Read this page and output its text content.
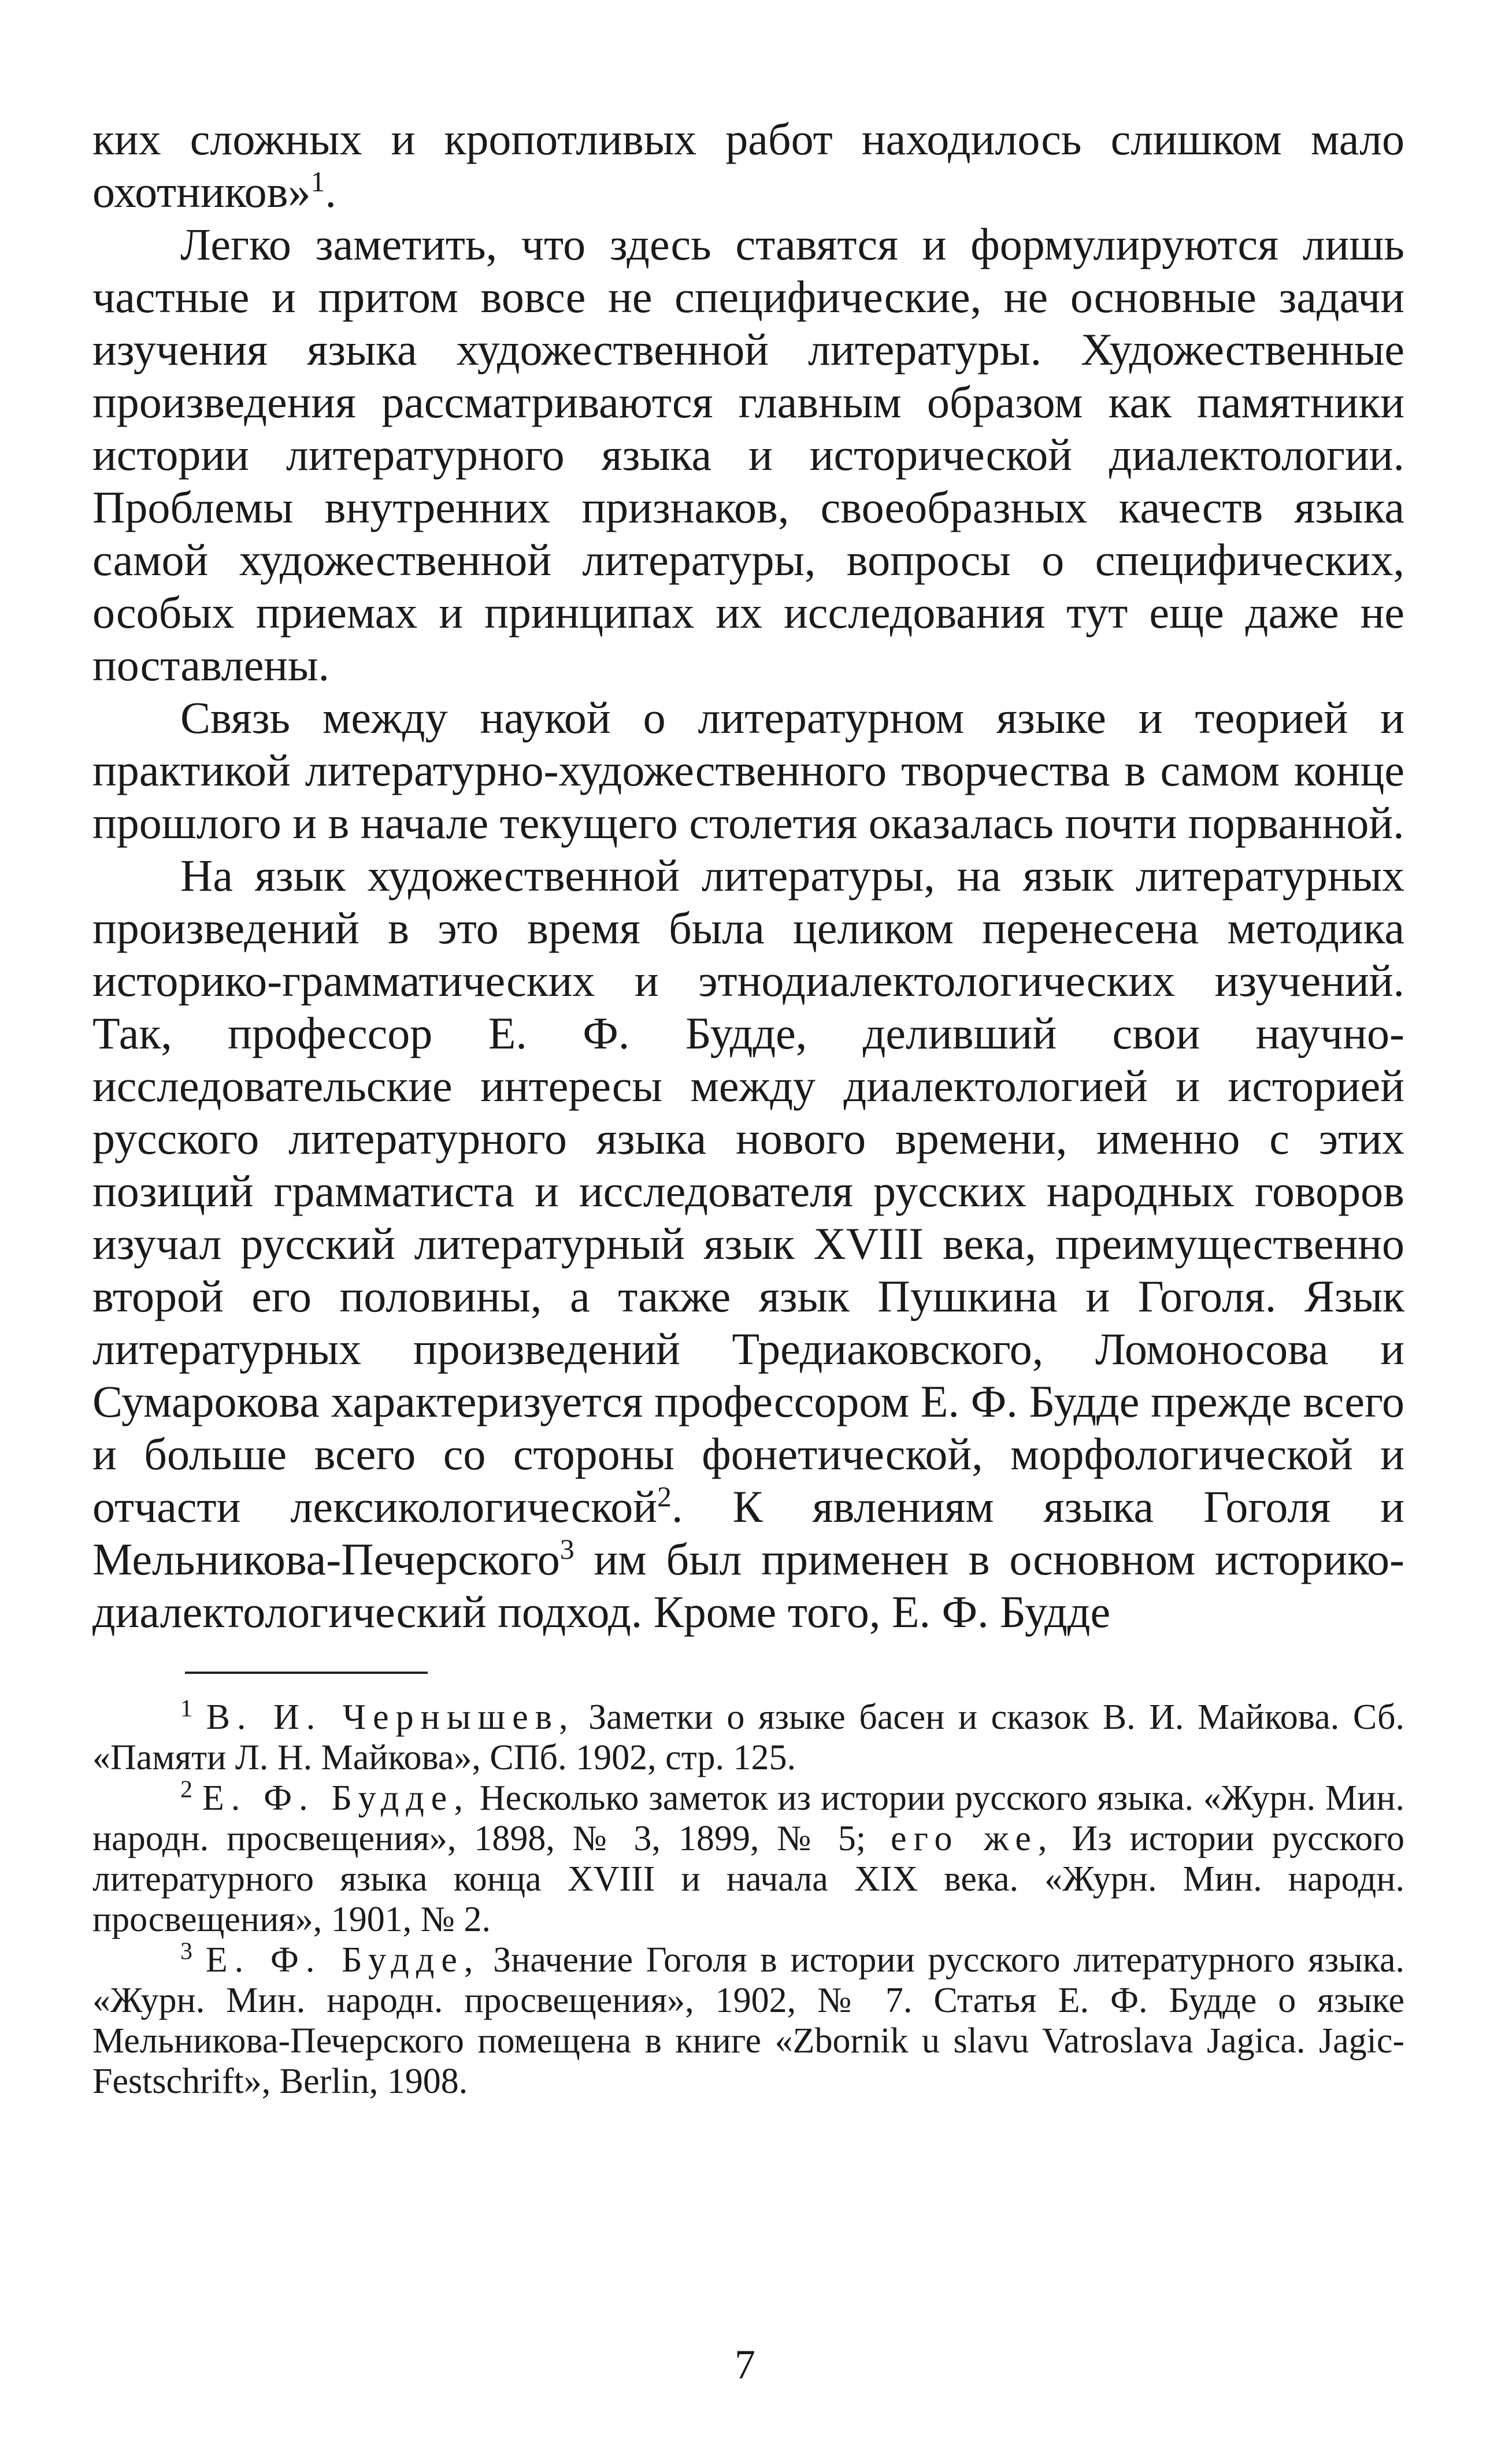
ких сложных и кропотливых работ находилось слишком мало охотников»$^1$.

Легко заметить, что здесь ставятся и формулируются лишь частные и притом вовсе не специфические, не основные задачи изучения языка художественной литературы. Художественные произведения рассматриваются главным образом как памятники истории литературного языка и исторической диалектологии. Проблемы внутренних признаков, своеобразных качеств языка самой художественной литературы, вопросы о специфических, особых приемах и принципах их исследования тут еще даже не поставлены.

Связь между наукой о литературном языке и теорией и практикой литературно-художественного творчества в самом конце прошлого и в начале текущего столетия оказалась почти порванной.

На язык художественной литературы, на язык литературных произведений в это время была целиком перенесена методика историко-грамматических и этнодиалектологических изучений. Так, профессор Е. Ф. Будде, деливший свои научно-исследовательские интересы между диалектологией и историей русского литературного языка нового времени, именно с этих позиций грамматиста и исследователя русских народных говоров изучал русский литературный язык XVIII века, преимущественно второй его половины, а также язык Пушкина и Гоголя. Язык литературных произведений Тредиаковского, Ломоносова и Сумарокова характеризуется профессором Е. Ф. Будде прежде всего и больше всего со стороны фонетической, морфологической и отчасти лексикологической$^2$. К явлениям языка Гоголя и Мельникова-Печерского$^3$ им был применен в основном историко-диалектологический подход. Кроме того, Е. Ф. Будде

$^1$ В. И. Чернышев, Заметки о языке басен и сказок В. И. Майкова. Сб. «Памяти Л. Н. Майкова», СПб. 1902, стр. 125.

$^2$ Е. Ф. Будде, Несколько заметок из истории русского языка. «Журн. Мин. народн. просвещения», 1898, № 3, 1899, № 5; его же, Из истории русского литературного языка конца XVIII и начала XIX века. «Журн. Мин. народн. просвещения», 1901, № 2.

$^3$ Е. Ф. Будде, Значение Гоголя в истории русского литературного языка. «Журн. Мин. народн. просвещения», 1902, № 7. Статья Е. Ф. Будде о языке Мельникова-Печерского помещена в книге «Zbornik u slavu Vatroslava Jagica. Jagic-Festschrift», Berlin, 1908.

7
